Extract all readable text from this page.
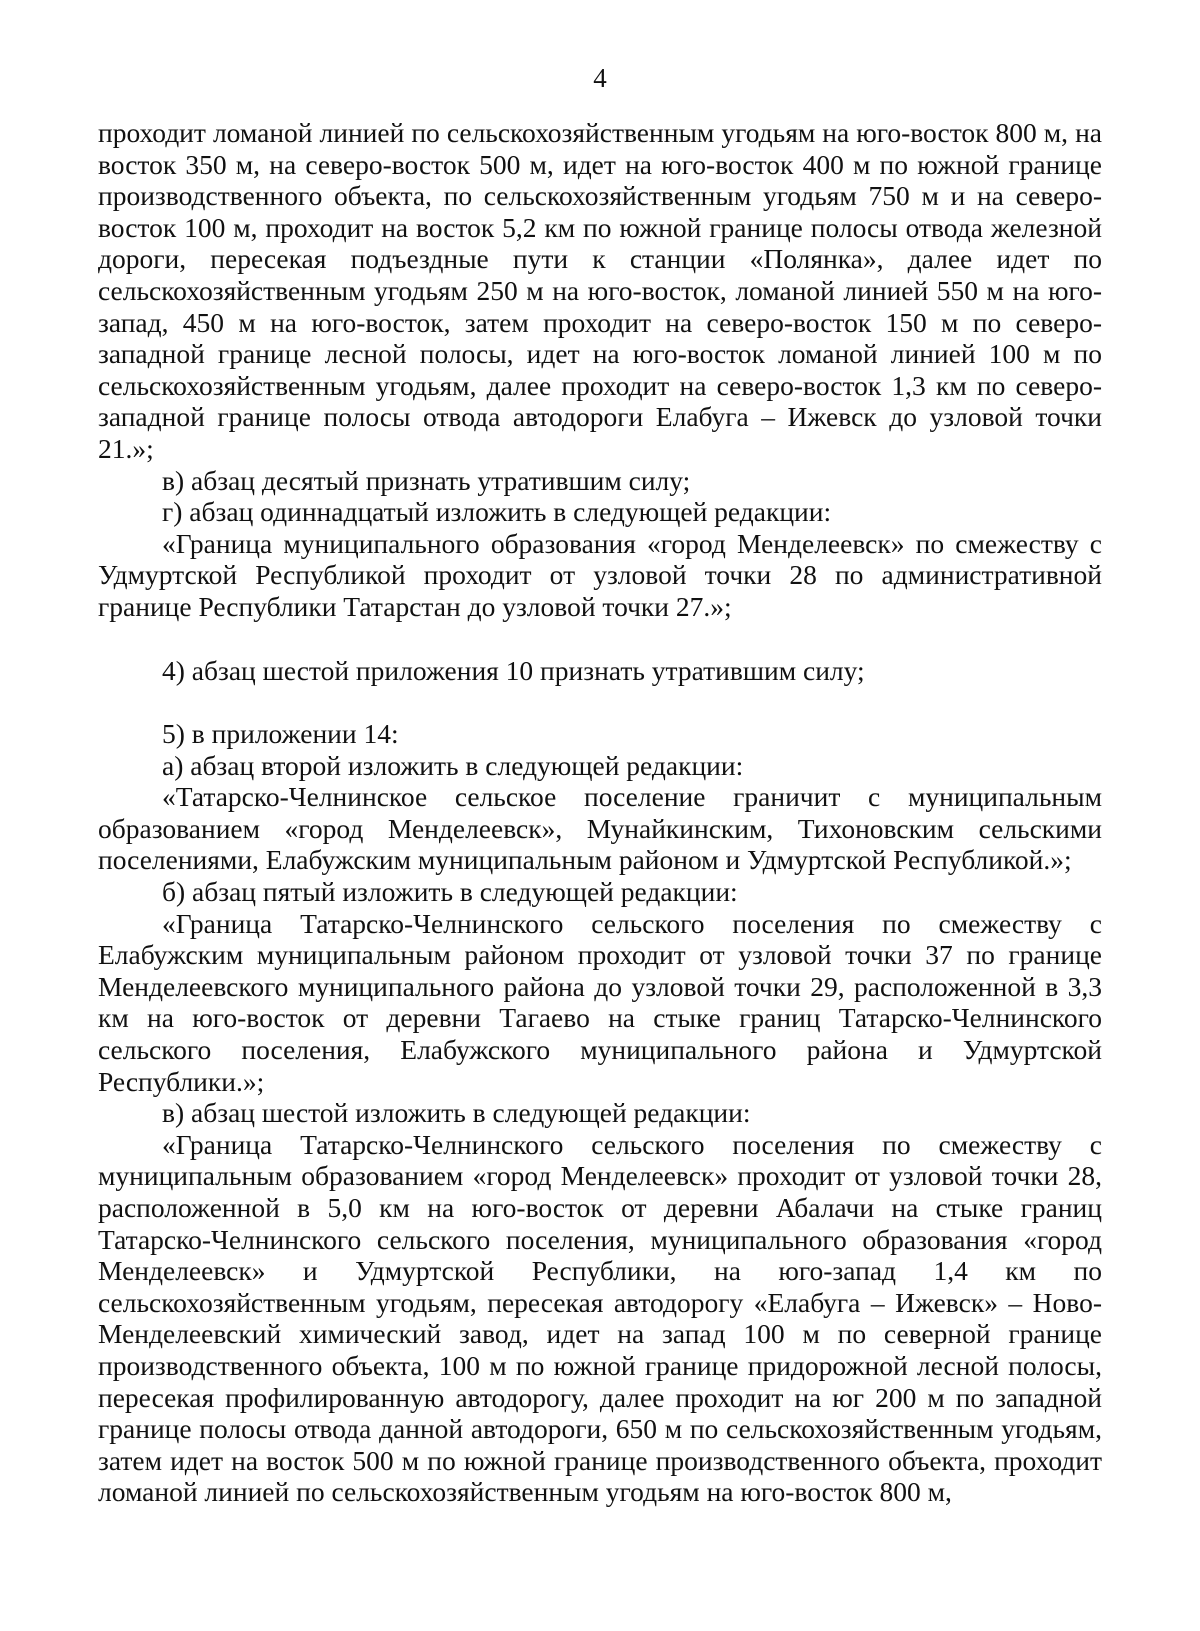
4

проходит ломаной линией по сельскохозяйственным угодьям на юго-восток 800 м, на восток 350 м, на северо-восток 500 м, идет на юго-восток 400 м по южной границе производственного объекта, по сельскохозяйственным угодьям 750 м и на северо-восток 100 м, проходит на восток 5,2 км по южной границе полосы отвода железной дороги, пересекая подъездные пути к станции «Полянка», далее идет по сельскохозяйственным угодьям 250 м на юго-восток, ломаной линией 550 м на юго-запад, 450 м на юго-восток, затем проходит на северо-восток 150 м по северо-западной границе лесной полосы, идет на юго-восток ломаной линией 100 м по сельскохозяйственным угодьям, далее проходит на северо-восток 1,3 км по северо-западной границе полосы отвода автодороги Елабуга – Ижевск до узловой точки 21.»;

в) абзац десятый признать утратившим силу;

г) абзац одиннадцатый изложить в следующей редакции:

«Граница муниципального образования «город Менделеевск» по смежеству с Удмуртской Республикой проходит от узловой точки 28 по административной границе Республики Татарстан до узловой точки 27.»;

4) абзац шестой приложения 10 признать утратившим силу;

5) в приложении 14:

а) абзац второй изложить в следующей редакции:

«Татарско-Челнинское сельское поселение граничит с муниципальным образованием «город Менделеевск», Мунайкинским, Тихоновским сельскими поселениями, Елабужским муниципальным районом и Удмуртской Республикой.»;

б) абзац пятый изложить в следующей редакции:

«Граница Татарско-Челнинского сельского поселения по смежеству с Елабужским муниципальным районом проходит от узловой точки 37 по границе Менделеевского муниципального района до узловой точки 29, расположенной в 3,3 км на юго-восток от деревни Тагаево на стыке границ Татарско-Челнинского сельского поселения, Елабужского муниципального района и Удмуртской Республики.»;

в) абзац шестой изложить в следующей редакции:

«Граница Татарско-Челнинского сельского поселения по смежеству с муниципальным образованием «город Менделеевск» проходит от узловой точки 28, расположенной в 5,0 км на юго-восток от деревни Абалачи на стыке границ Татарско-Челнинского сельского поселения, муниципального образования «город Менделеевск» и Удмуртской Республики, на юго-запад 1,4 км по сельскохозяйственным угодьям, пересекая автодорогу «Елабуга – Ижевск» – Ново-Менделеевский химический завод, идет на запад 100 м по северной границе производственного объекта, 100 м по южной границе придорожной лесной полосы, пересекая профилированную автодорогу, далее проходит на юг 200 м по западной границе полосы отвода данной автодороги, 650 м по сельскохозяйственным угодьям, затем идет на восток 500 м по южной границе производственного объекта, проходит ломаной линией по сельскохозяйственным угодьям на юго-восток 800 м,
